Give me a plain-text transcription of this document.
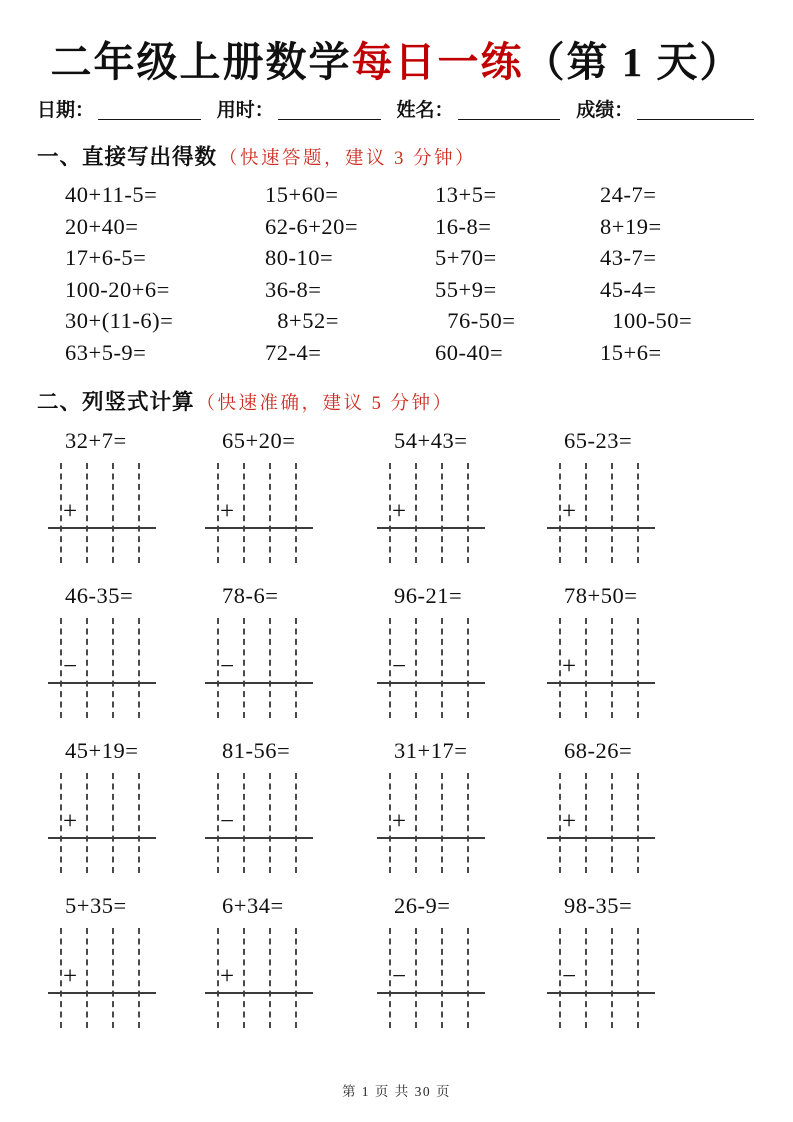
二年级上册数学每日一练（第 1 天）
日期：	用时：	姓名：	成绩：
一、直接写出得数 （快速答题，建议 3 分钟）
40+11-5=	15+60=	13+5=	24-7=
20+40=	62-6+20=	16-8=	8+19=
17+6-5=	80-10=	5+70=	43-7=
100-20+6=	36-8=	55+9=	45-4=
30+(11-6)=	8+52=	76-50=	100-50=
63+5-9=	72-4=	60-40=	15+6=
二、列竖式计算 （快速准确，建议 5 分钟）
32+7=
+
65+20=
+
54+43=
+
65-23=
+
46-35=
−
78-6=
−
96-21=
−
78+50=
+
45+19=
+
81-56=
−
31+17=
+
68-26=
+
5+35=
+
6+34=
+
26-9=
−
98-35=
−
第 1 页 共 30 页
